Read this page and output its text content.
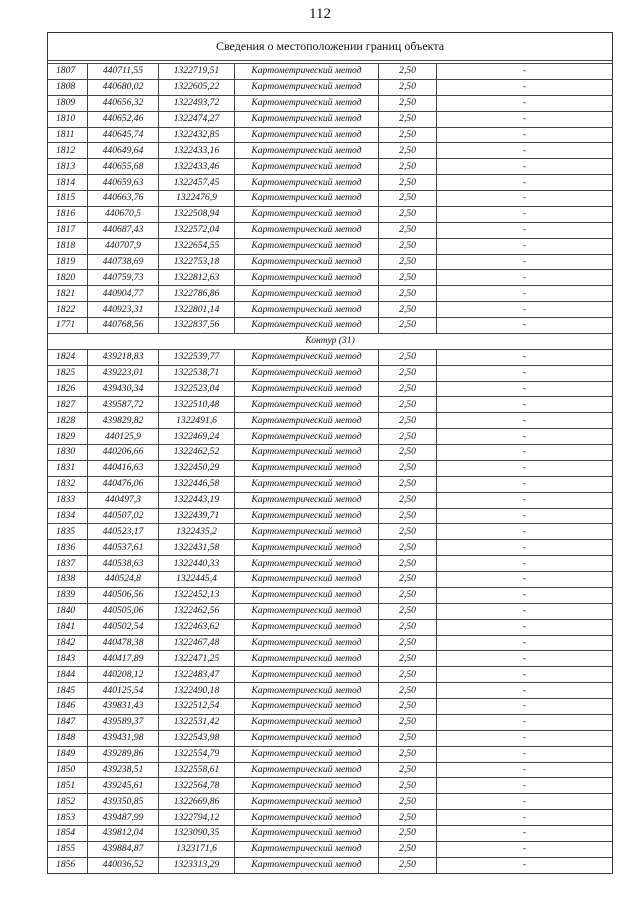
112
Сведения о местоположении границ объекта					

1807	440711,55	1322719,51	Картометрический метод	2,50	-
1808	440680,02	1322605,22	Картометрический метод	2,50	-
1809	440656,32	1322493,72	Картометрический метод	2,50	-
1810	440652,46	1322474,27	Картометрический метод	2,50	-
1811	440645,74	1322432,85	Картометрический метод	2,50	-
1812	440649,64	1322433,16	Картометрический метод	2,50	-
1813	440655,68	1322433,46	Картометрический метод	2,50	-
1814	440659,63	1322457,45	Картометрический метод	2,50	-
1815	440663,76	1322476,9	Картометрический метод	2,50	-
1816	440670,5	1322508,94	Картометрический метод	2,50	-
1817	440687,43	1322572,04	Картометрический метод	2,50	-
1818	440707,9	1322654,55	Картометрический метод	2,50	-
1819	440738,69	1322753,18	Картометрический метод	2,50	-
1820	440759,73	1322812,63	Картометрический метод	2,50	-
1821	440904,77	1322786,86	Картометрический метод	2,50	-
1822	440923,31	1322801,14	Картометрический метод	2,50	-
1771	440768,56	1322837,56	Картометрический метод	2,50	-
Контур (31)					
1824	439218,83	1322539,77	Картометрический метод	2,50	-
1825	439223,01	1322538,71	Картометрический метод	2,50	-
1826	439430,34	1322523,04	Картометрический метод	2,50	-
1827	439587,72	1322510,48	Картометрический метод	2,50	-
1828	439829,82	1322491,6	Картометрический метод	2,50	-
1829	440125,9	1322469,24	Картометрический метод	2,50	-
1830	440206,66	1322462,52	Картометрический метод	2,50	-
1831	440416,63	1322450,29	Картометрический метод	2,50	-
1832	440476,06	1322446,58	Картометрический метод	2,50	-
1833	440497,3	1322443,19	Картометрический метод	2,50	-
1834	440507,02	1322439,71	Картометрический метод	2,50	-
1835	440523,17	1322435,2	Картометрический метод	2,50	-
1836	440537,61	1322431,58	Картометрический метод	2,50	-
1837	440538,63	1322440,33	Картометрический метод	2,50	-
1838	440524,8	1322445,4	Картометрический метод	2,50	-
1839	440506,56	1322452,13	Картометрический метод	2,50	-
1840	440505,06	1322462,56	Картометрический метод	2,50	-
1841	440502,54	1322463,62	Картометрический метод	2,50	-
1842	440478,38	1322467,48	Картометрический метод	2,50	-
1843	440417,89	1322471,25	Картометрический метод	2,50	-
1844	440208,12	1322483,47	Картометрический метод	2,50	-
1845	440125,54	1322490,18	Картометрический метод	2,50	-
1846	439831,43	1322512,54	Картометрический метод	2,50	-
1847	439589,37	1322531,42	Картометрический метод	2,50	-
1848	439431,98	1322543,98	Картометрический метод	2,50	-
1849	439289,86	1322554,79	Картометрический метод	2,50	-
1850	439238,51	1322558,61	Картометрический метод	2,50	-
1851	439245,61	1322564,78	Картометрический метод	2,50	-
1852	439350,85	1322669,86	Картометрический метод	2,50	-
1853	439487,99	1322794,12	Картометрический метод	2,50	-
1854	439812,04	1323090,35	Картометрический метод	2,50	-
1855	439884,87	1323171,6	Картометрический метод	2,50	-
1856	440036,52	1323313,29	Картометрический метод	2,50	-
